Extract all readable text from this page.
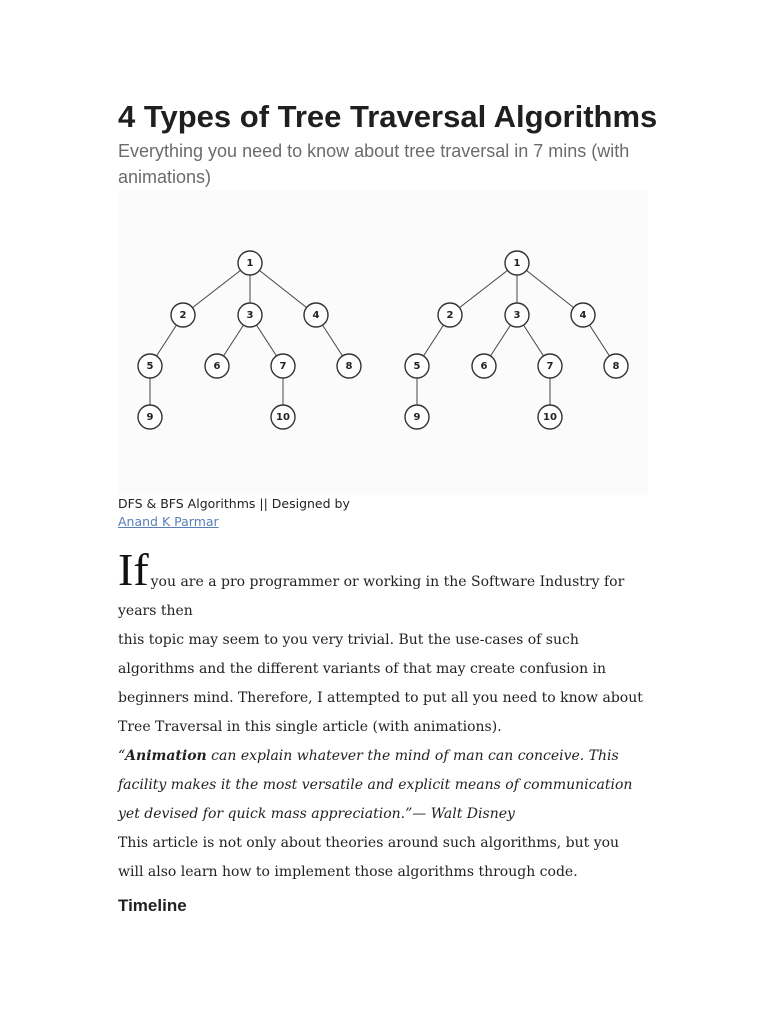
4 Types of Tree Traversal Algorithms

Everything you need to know about tree traversal in 7 mins (with animations)

1
2	3	4
5	6	7	8
9	10
1
2	3	4
5	6	7	8
9	10
DFS & BFS Algorithms || Designed by
Anand K Parmar

If you are a pro programmer or working in the Software Industry for years then
this topic may seem to you very trivial. But the use-cases of such algorithms and the different variants of that may create confusion in beginners mind. Therefore, I attempted to put all you need to know about Tree Traversal in this single article (with animations).

“Animation can explain whatever the mind of man can conceive. This facility makes it the most versatile and explicit means of communication yet devised for quick mass appreciation.”— Walt Disney

This article is not only about theories around such algorithms, but you will also learn how to implement those algorithms through code.

Timeline
